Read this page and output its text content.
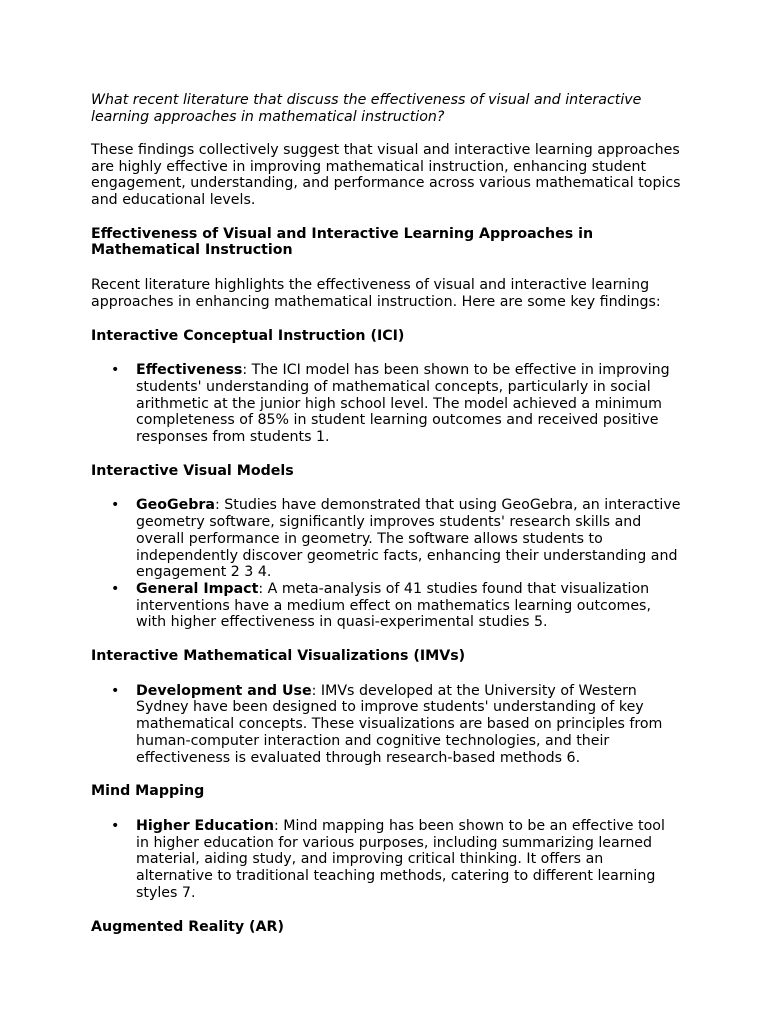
What recent literature that discuss the effectiveness of visual and interactive learning approaches in mathematical instruction?

These findings collectively suggest that visual and interactive learning approaches are highly effective in improving mathematical instruction, enhancing student engagement, understanding, and performance across various mathematical topics and educational levels.

Effectiveness of Visual and Interactive Learning Approaches in Mathematical Instruction

Recent literature highlights the effectiveness of visual and interactive learning approaches in enhancing mathematical instruction. Here are some key findings:

Interactive Conceptual Instruction (ICI)
• Effectiveness: The ICI model has been shown to be effective in improving students' understanding of mathematical concepts, particularly in social arithmetic at the junior high school level. The model achieved a minimum completeness of 85% in student learning outcomes and received positive responses from students 1.
Interactive Visual Models
• GeoGebra: Studies have demonstrated that using GeoGebra, an interactive geometry software, significantly improves students' research skills and overall performance in geometry. The software allows students to independently discover geometric facts, enhancing their understanding and engagement 2 3 4.
• General Impact: A meta-analysis of 41 studies found that visualization interventions have a medium effect on mathematics learning outcomes, with higher effectiveness in quasi-experimental studies 5.
Interactive Mathematical Visualizations (IMVs)
• Development and Use: IMVs developed at the University of Western Sydney have been designed to improve students' understanding of key mathematical concepts. These visualizations are based on principles from human-computer interaction and cognitive technologies, and their effectiveness is evaluated through research-based methods 6.
Mind Mapping
• Higher Education: Mind mapping has been shown to be an effective tool in higher education for various purposes, including summarizing learned material, aiding study, and improving critical thinking. It offers an alternative to traditional teaching methods, catering to different learning styles 7.
Augmented Reality (AR)
